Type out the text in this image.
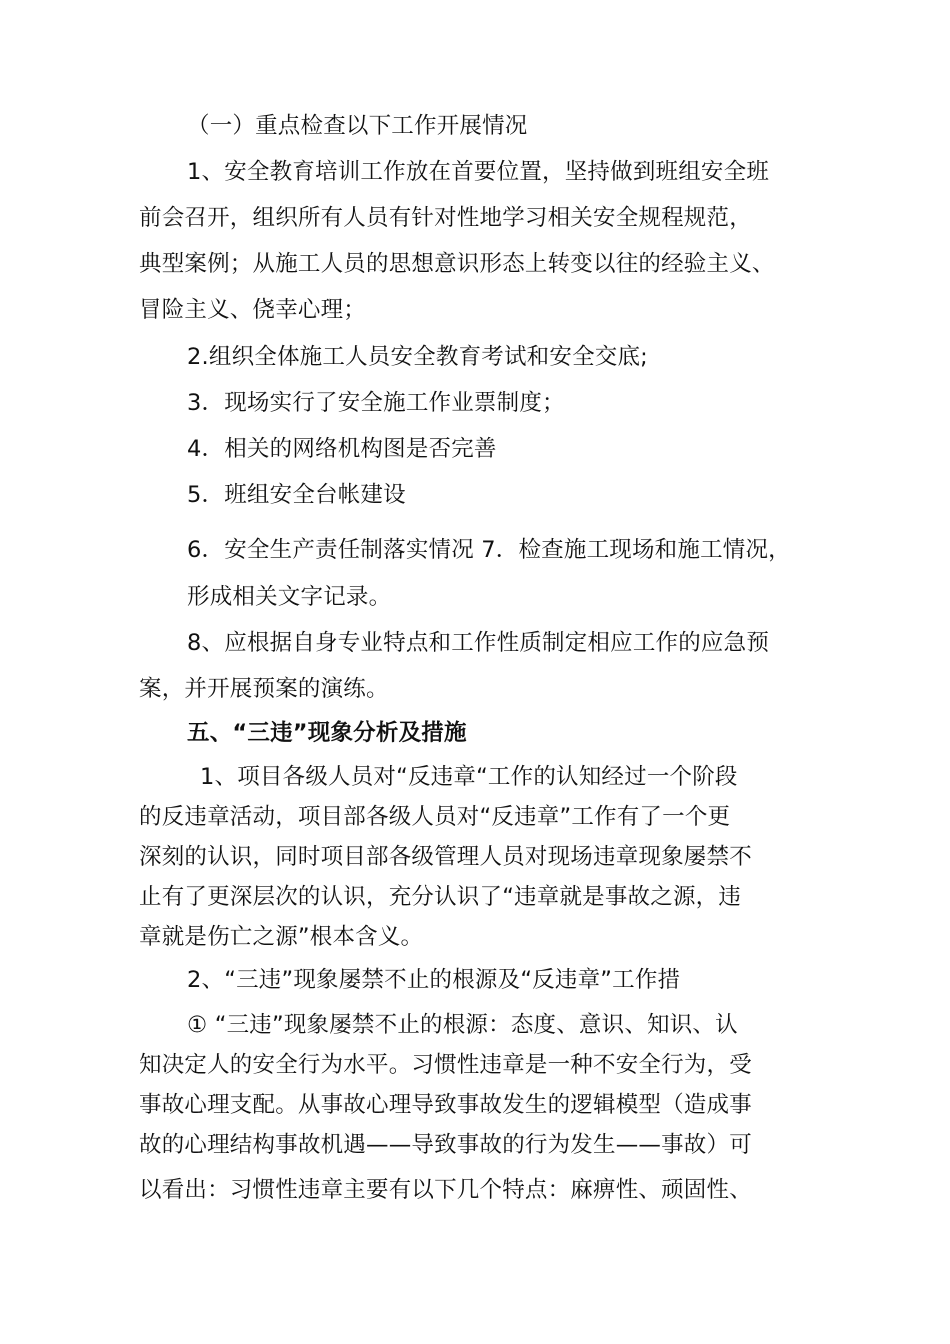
（一）重点检查以下工作开展情况

1、安全教育培训工作放在首要位置，坚持做到班组安全班

前会召开，组织所有人员有针对性地学习相关安全规程规范，

典型案例；从施工人员的思想意识形态上转变以往的经验主义、

冒险主义、侥幸心理；

2.组织全体施工人员安全教育考试和安全交底;

3．现场实行了安全施工作业票制度；

4．相关的网络机构图是否完善

5．班组安全台帐建设

6．安全生产责任制落实情况 7．检查施工现场和施工情况，

形成相关文字记录。

8、应根据自身专业特点和工作性质制定相应工作的应急预

案，并开展预案的演练。

五、“三违”现象分析及措施

1、项目各级人员对“反违章“工作的认知经过一个阶段

的反违章活动，项目部各级人员对“反违章”工作有了一个更

深刻的认识，同时项目部各级管理人员对现场违章现象屡禁不

止有了更深层次的认识，充分认识了“违章就是事故之源，违

章就是伤亡之源”根本含义。

2、“三违”现象屡禁不止的根源及“反违章”工作措

① “三违”现象屡禁不止的根源：态度、意识、知识、认

知决定人的安全行为水平。习惯性违章是一种不安全行为，受

事故心理支配。从事故心理导致事故发生的逻辑模型（造成事

故的心理结构事故机遇——导致事故的行为发生——事故）可

以看出：习惯性违章主要有以下几个特点：麻痹性、顽固性、
